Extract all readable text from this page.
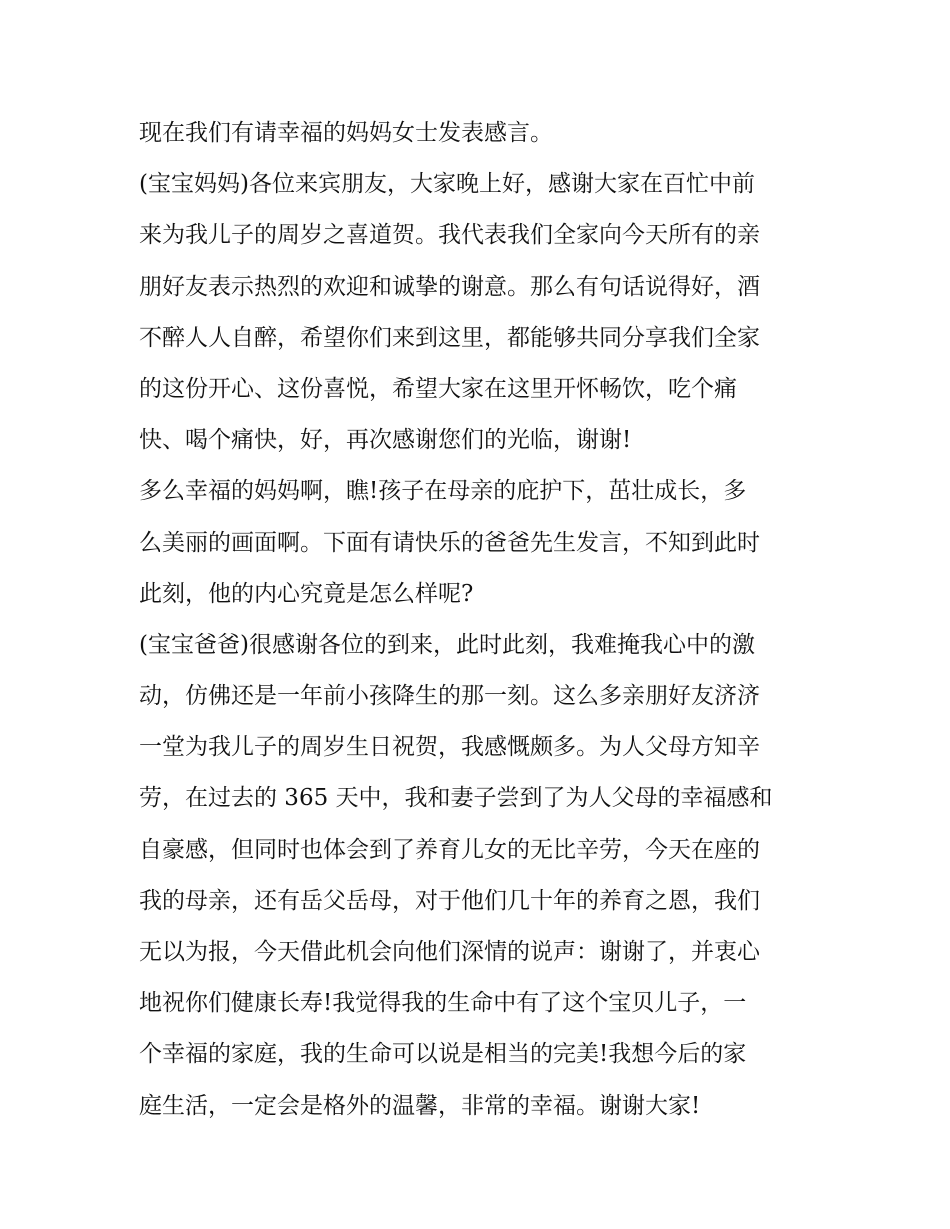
现在我们有请幸福的妈妈女士发表感言。

(宝宝妈妈)各位来宾朋友，大家晚上好，感谢大家在百忙中前

来为我儿子的周岁之喜道贺。我代表我们全家向今天所有的亲

朋好友表示热烈的欢迎和诚挚的谢意。那么有句话说得好，酒

不醉人人自醉，希望你们来到这里，都能够共同分享我们全家

的这份开心、这份喜悦，希望大家在这里开怀畅饮，吃个痛

快、喝个痛快，好，再次感谢您们的光临，谢谢!

多么幸福的妈妈啊，瞧!孩子在母亲的庇护下，茁壮成长，多

么美丽的画面啊。下面有请快乐的爸爸先生发言，不知到此时

此刻，他的内心究竟是怎么样呢?

(宝宝爸爸)很感谢各位的到来，此时此刻，我难掩我心中的激

动，仿佛还是一年前小孩降生的那一刻。这么多亲朋好友济济

一堂为我儿子的周岁生日祝贺，我感慨颇多。为人父母方知辛

劳，在过去的 365 天中，我和妻子尝到了为人父母的幸福感和

自豪感，但同时也体会到了养育儿女的无比辛劳，今天在座的

我的母亲，还有岳父岳母，对于他们几十年的养育之恩，我们

无以为报，今天借此机会向他们深情的说声：谢谢了，并衷心

地祝你们健康长寿!我觉得我的生命中有了这个宝贝儿子，一

个幸福的家庭，我的生命可以说是相当的完美!我想今后的家

庭生活，一定会是格外的温馨，非常的幸福。谢谢大家!
